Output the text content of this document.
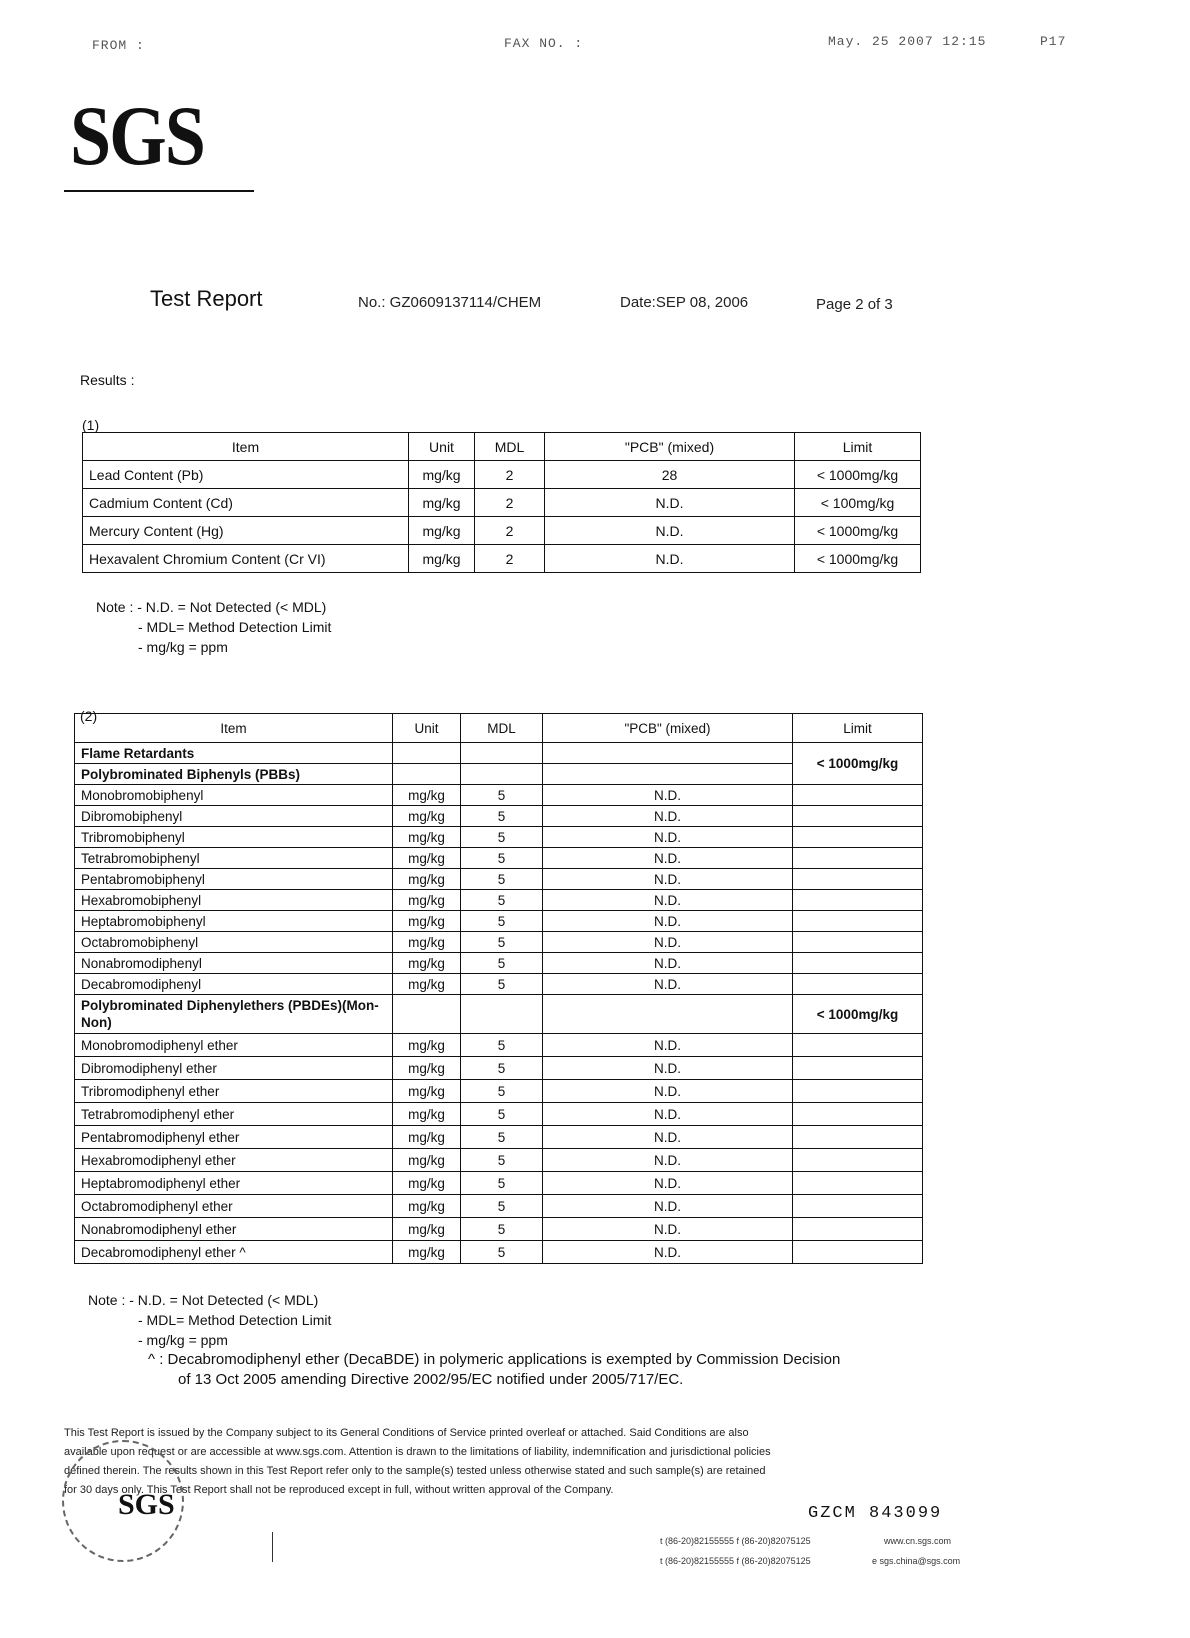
FROM :	FAX NO. :	May. 25 2007 12:15	P17
SGS
Test Report	No.: GZ0609137114/CHEM	Date:SEP 08, 2006	Page 2 of 3
Results :
(1)
Item	Unit	MDL	"PCB" (mixed)	Limit
Lead Content (Pb)	mg/kg	2	28	< 1000mg/kg
Cadmium Content (Cd)	mg/kg	2	N.D.	< 100mg/kg
Mercury Content (Hg)	mg/kg	2	N.D.	< 1000mg/kg
Hexavalent Chromium Content (Cr VI)	mg/kg	2	N.D.	< 1000mg/kg
Note : - N.D. = Not Detected (< MDL)
- MDL= Method Detection Limit
- mg/kg = ppm
(2)
Item	Unit	MDL	"PCB" (mixed)	Limit
Flame Retardants				< 1000mg/kg
Polybrominated Biphenyls (PBBs)				
Monobromobiphenyl	mg/kg	5	N.D.	
Dibromobiphenyl	mg/kg	5	N.D.	
Tribromobiphenyl	mg/kg	5	N.D.	
Tetrabromobiphenyl	mg/kg	5	N.D.	
Pentabromobiphenyl	mg/kg	5	N.D.	
Hexabromobiphenyl	mg/kg	5	N.D.	
Heptabromobiphenyl	mg/kg	5	N.D.	
Octabromobiphenyl	mg/kg	5	N.D.	
Nonabromodiphenyl	mg/kg	5	N.D.	
Decabromodiphenyl	mg/kg	5	N.D.	
Polybrominated Diphenylethers (PBDEs)(Mon-Non)				< 1000mg/kg
Monobromodiphenyl ether	mg/kg	5	N.D.	
Dibromodiphenyl ether	mg/kg	5	N.D.	
Tribromodiphenyl ether	mg/kg	5	N.D.	
Tetrabromodiphenyl ether	mg/kg	5	N.D.	
Pentabromodiphenyl ether	mg/kg	5	N.D.	
Hexabromodiphenyl ether	mg/kg	5	N.D.	
Heptabromodiphenyl ether	mg/kg	5	N.D.	
Octabromodiphenyl ether	mg/kg	5	N.D.	
Nonabromodiphenyl ether	mg/kg	5	N.D.	
Decabromodiphenyl ether ^	mg/kg	5	N.D.	
Note : - N.D. = Not Detected (< MDL)
- MDL= Method Detection Limit
- mg/kg = ppm
^ : Decabromodiphenyl ether (DecaBDE) in polymeric applications is exempted by Commission Decision
of 13 Oct 2005 amending Directive 2002/95/EC notified under 2005/717/EC.
This Test Report is issued by the Company subject to its General Conditions of Service printed overleaf or attached. Said Conditions are also
available upon request or are accessible at www.sgs.com. Attention is drawn to the limitations of liability, indemnification and jurisdictional policies
defined therein. The results shown in this Test Report refer only to the sample(s) tested unless otherwise stated and such sample(s) are retained
for 30 days only. This Test Report shall not be reproduced except in full, without written approval of the Company.
SGS	GZCM 843099
t (86-20)82155555 f (86-20)82075125	www.cn.sgs.com
t (86-20)82155555 f (86-20)82075125	e sgs.china@sgs.com
